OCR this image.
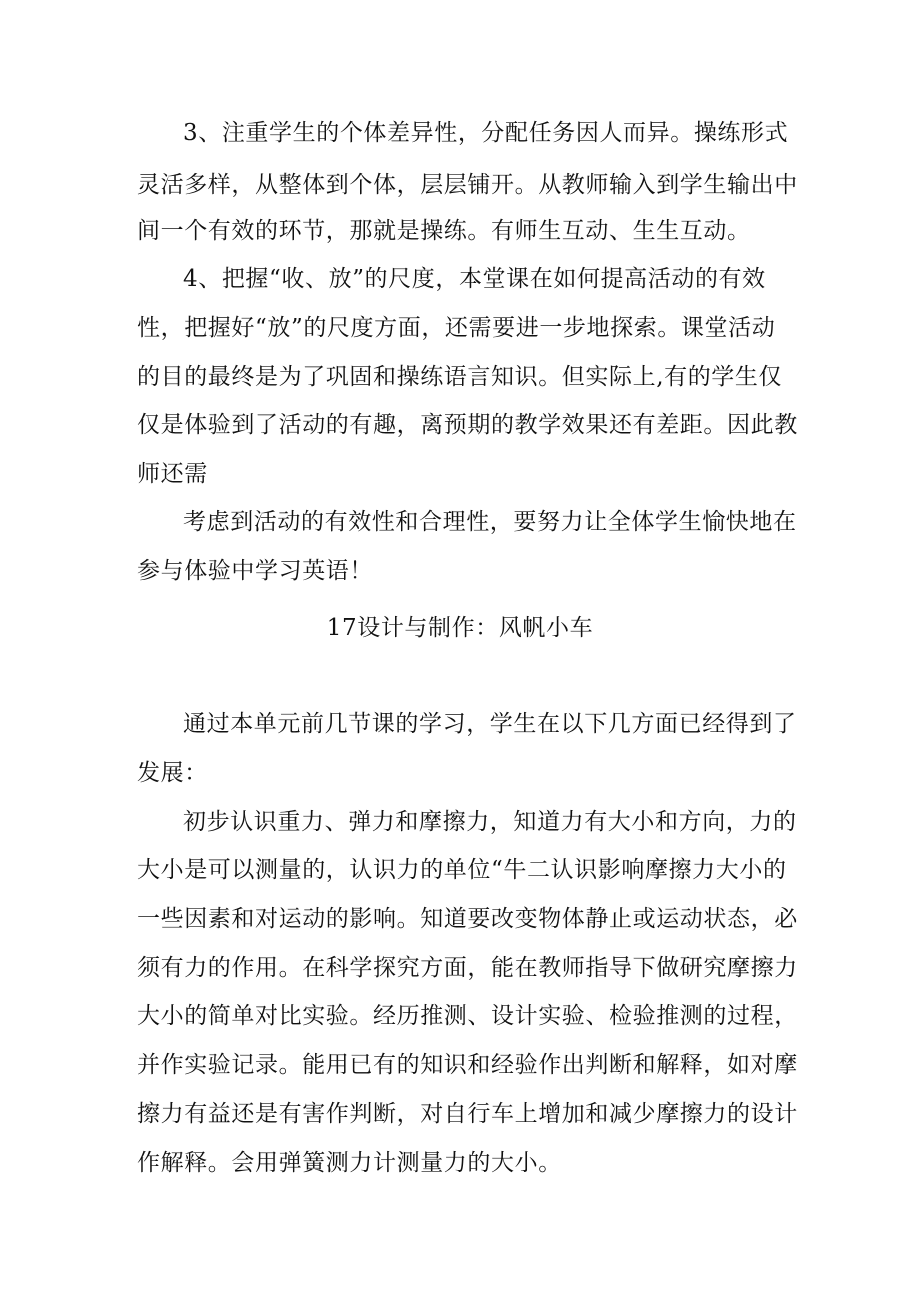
3、注重学生的个体差异性，分配任务因人而异。操练形式
灵活多样，从整体到个体，层层铺开。从教师输入到学生输出中
间一个有效的环节，那就是操练。有师生互动、生生互动。
4、把握“收、放”的尺度，本堂课在如何提高活动的有效
性，把握好“放”的尺度方面，还需要进一步地探索。课堂活动
的目的最终是为了巩固和操练语言知识。但实际上,有的学生仅
仅是体验到了活动的有趣，离预期的教学效果还有差距。因此教
师还需
考虑到活动的有效性和合理性，要努力让全体学生愉快地在
参与体验中学习英语！
17设计与制作：风帆小车
通过本单元前几节课的学习，学生在以下几方面已经得到了
发展：
初步认识重力、弹力和摩擦力，知道力有大小和方向，力的
大小是可以测量的，认识力的单位“牛二认识影响摩擦力大小的
一些因素和对运动的影响。知道要改变物体静止或运动状态，必
须有力的作用。在科学探究方面，能在教师指导下做研究摩擦力
大小的简单对比实验。经历推测、设计实验、检验推测的过程，
并作实验记录。能用已有的知识和经验作出判断和解释，如对摩
擦力有益还是有害作判断，对自行车上增加和减少摩擦力的设计
作解释。会用弹簧测力计测量力的大小。
